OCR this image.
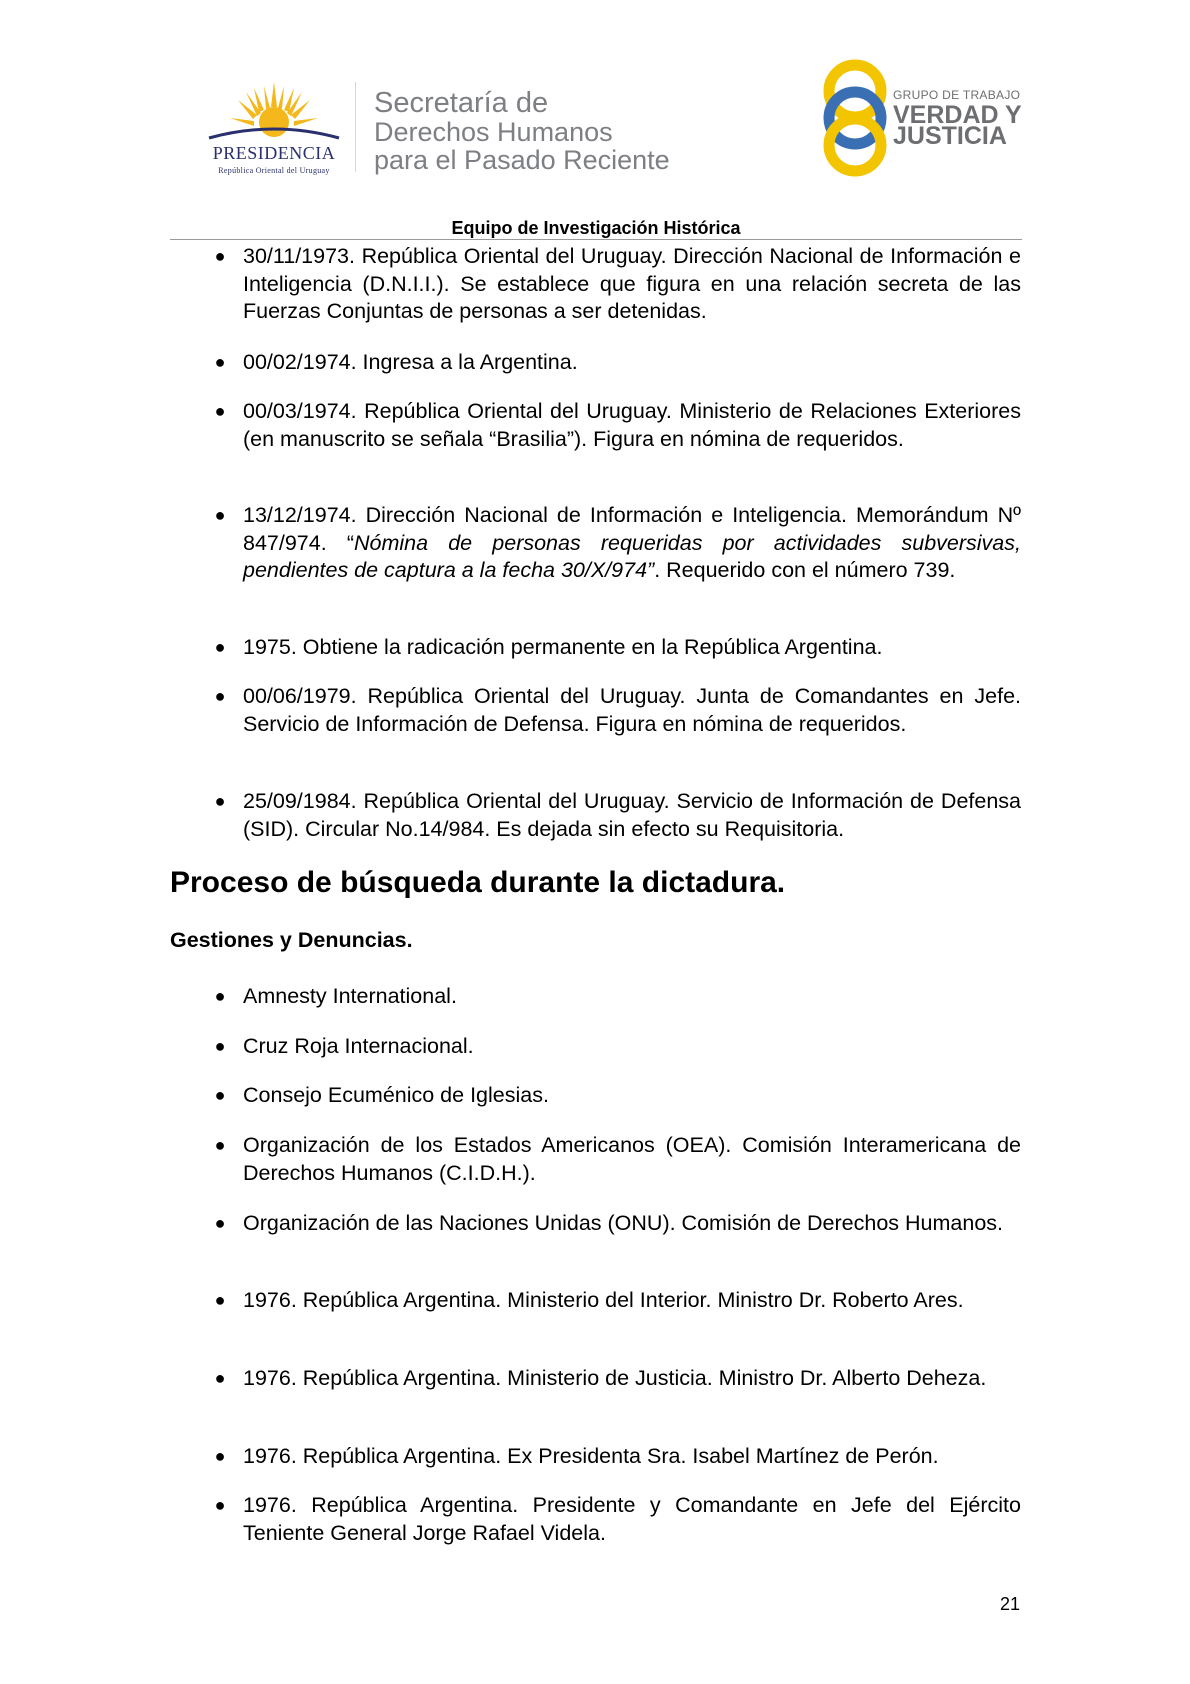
PRESIDENCIA
República Oriental del Uruguay
Secretaría de
Derechos Humanos
para el Pasado Reciente
GRUPO DE TRABAJO
VERDAD Y
JUSTICIA
Equipo de Investigación Histórica
● 30/11/1973. República Oriental del Uruguay. Dirección Nacional de Información e Inteligencia (D.N.I.I.). Se establece que figura en una relación secreta de las Fuerzas Conjuntas de personas a ser detenidas.
● 00/02/1974. Ingresa a la Argentina.
● 00/03/1974. República Oriental del Uruguay. Ministerio de Relaciones Exteriores (en manuscrito se señala “Brasilia”). Figura en nómina de requeridos.
● 13/12/1974. Dirección Nacional de Información e Inteligencia. Memorándum Nº 847/974. “Nómina de personas requeridas por actividades subversivas, pendientes de captura a la fecha 30/X/974”. Requerido con el número 739.
● 1975. Obtiene la radicación permanente en la República Argentina.
● 00/06/1979. República Oriental del Uruguay. Junta de Comandantes en Jefe. Servicio de Información de Defensa. Figura en nómina de requeridos.
● 25/09/1984. República Oriental del Uruguay. Servicio de Información de Defensa (SID). Circular No.14/984. Es dejada sin efecto su Requisitoria.
Proceso de búsqueda durante la dictadura.
Gestiones y Denuncias.
● Amnesty International.
● Cruz Roja Internacional.
● Consejo Ecuménico de Iglesias.
● Organización de los Estados Americanos (OEA). Comisión Interamericana de Derechos Humanos (C.I.D.H.).
● Organización de las Naciones Unidas (ONU). Comisión de Derechos Humanos.
● 1976. República Argentina. Ministerio del Interior. Ministro Dr. Roberto Ares.
● 1976. República Argentina. Ministerio de Justicia. Ministro Dr. Alberto Deheza.
● 1976. República Argentina. Ex Presidenta Sra. Isabel Martínez de Perón.
● 1976. República Argentina. Presidente y Comandante en Jefe del Ejército Teniente General Jorge Rafael Videla.
21
